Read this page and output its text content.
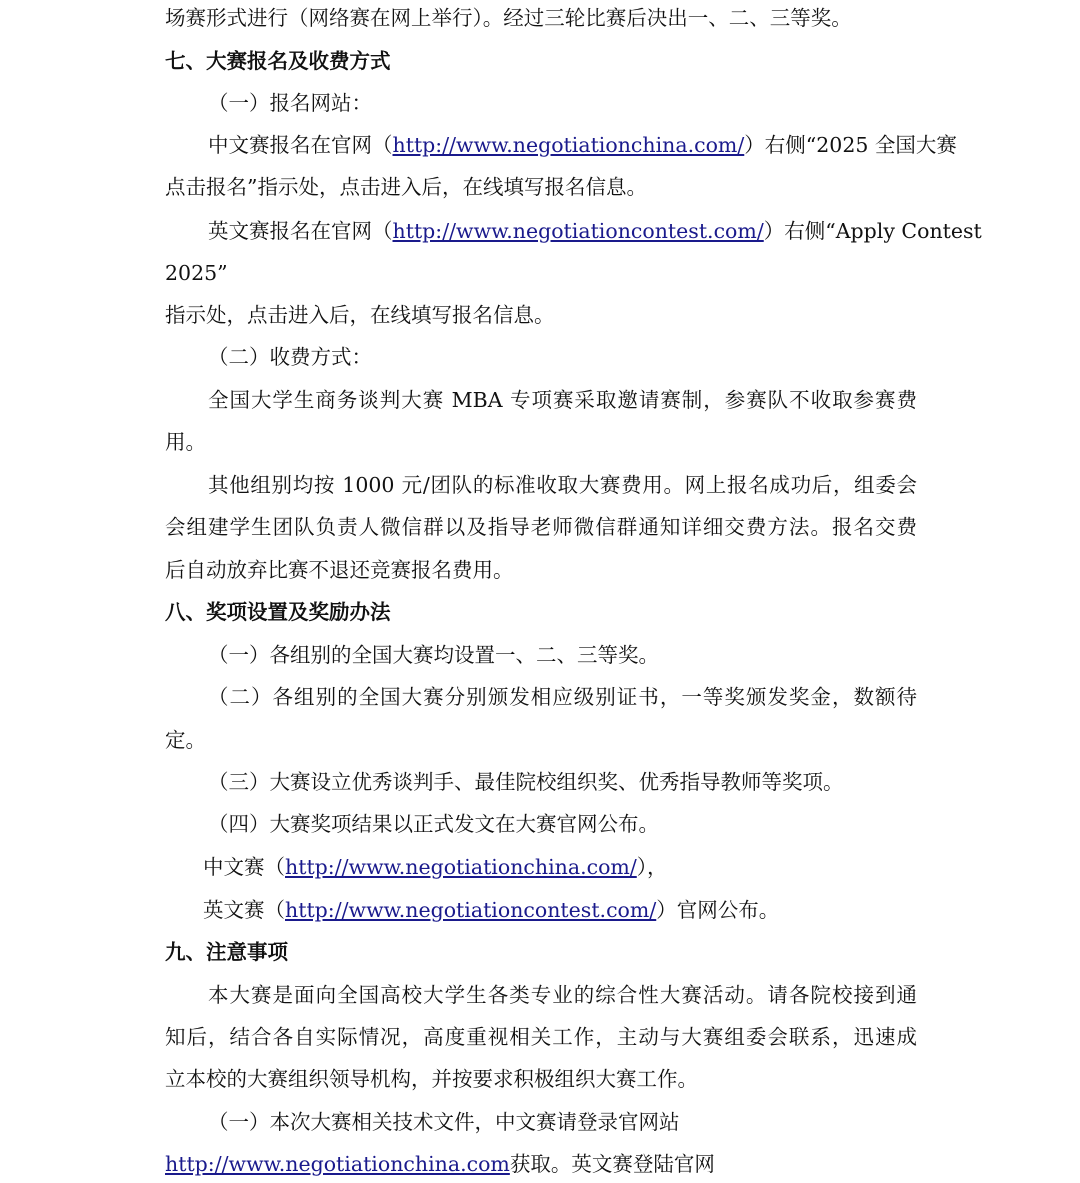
场赛形式进行（网络赛在网上举行）。经过三轮比赛后决出一、二、三等奖。
七、大赛报名及收费方式
（一）报名网站：
中文赛报名在官网（http://www.negotiationchina.com/）右侧“2025 全国大赛
点击报名”指示处，点击进入后，在线填写报名信息。
英文赛报名在官网（http://www.negotiationcontest.com/）右侧“Apply Contest
2025”
指示处，点击进入后，在线填写报名信息。
（二）收费方式：
全国大学生商务谈判大赛 MBA 专项赛采取邀请赛制，参赛队不收取参赛费
用。
其他组别均按 1000 元/团队的标准收取大赛费用。网上报名成功后，组委会
会组建学生团队负责人微信群以及指导老师微信群通知详细交费方法。报名交费
后自动放弃比赛不退还竞赛报名费用。
八、奖项设置及奖励办法
（一）各组别的全国大赛均设置一、二、三等奖。
（二）各组别的全国大赛分别颁发相应级别证书，一等奖颁发奖金，数额待
定。
（三）大赛设立优秀谈判手、最佳院校组织奖、优秀指导教师等奖项。
（四）大赛奖项结果以正式发文在大赛官网公布。
中文赛（http://www.negotiationchina.com/），
英文赛（http://www.negotiationcontest.com/）官网公布。
九、注意事项
本大赛是面向全国高校大学生各类专业的综合性大赛活动。请各院校接到通
知后，结合各自实际情况，高度重视相关工作，主动与大赛组委会联系，迅速成
立本校的大赛组织领导机构，并按要求积极组织大赛工作。
（一）本次大赛相关技术文件，中文赛请登录官网站
http://www.negotiationchina.com获取。英文赛登陆官网
